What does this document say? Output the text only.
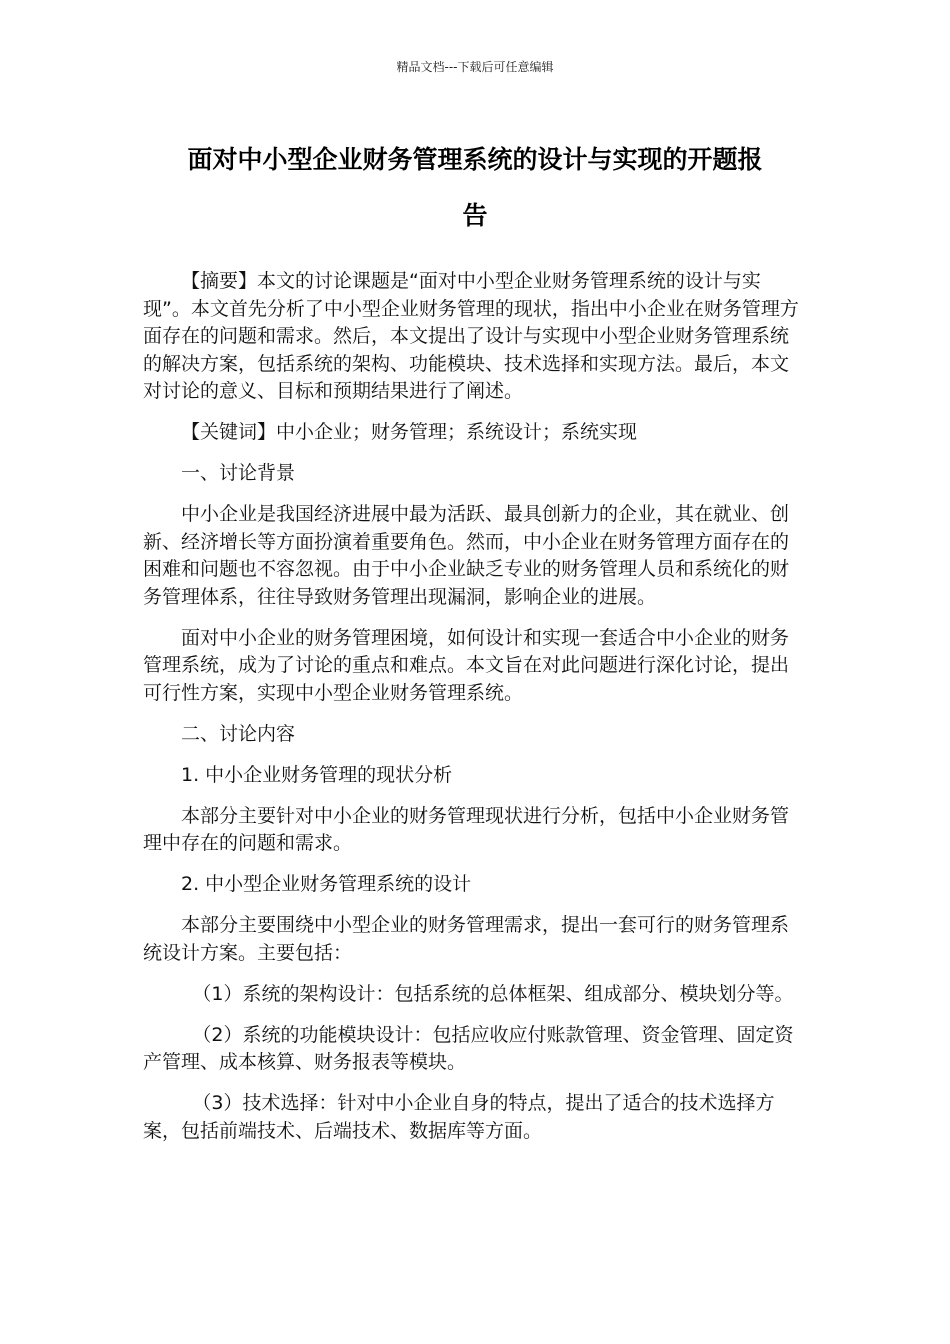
精品文档---下载后可任意编辑
面对中小型企业财务管理系统的设计与实现的开题报
告

【摘要】本文的讨论课题是“面对中小型企业财务管理系统的设计与实现”。本文首先分析了中小型企业财务管理的现状，指出中小企业在财务管理方面存在的问题和需求。然后，本文提出了设计与实现中小型企业财务管理系统的解决方案，包括系统的架构、功能模块、技术选择和实现方法。最后，本文对讨论的意义、目标和预期结果进行了阐述。

【关键词】中小企业；财务管理；系统设计；系统实现

一、讨论背景

中小企业是我国经济进展中最为活跃、最具创新力的企业，其在就业、创新、经济增长等方面扮演着重要角色。然而，中小企业在财务管理方面存在的困难和问题也不容忽视。由于中小企业缺乏专业的财务管理人员和系统化的财务管理体系，往往导致财务管理出现漏洞，影响企业的进展。

面对中小企业的财务管理困境，如何设计和实现一套适合中小企业的财务管理系统，成为了讨论的重点和难点。本文旨在对此问题进行深化讨论，提出可行性方案，实现中小型企业财务管理系统。

二、讨论内容

1. 中小企业财务管理的现状分析

本部分主要针对中小企业的财务管理现状进行分析，包括中小企业财务管理中存在的问题和需求。

2. 中小型企业财务管理系统的设计

本部分主要围绕中小型企业的财务管理需求，提出一套可行的财务管理系统设计方案。主要包括：

（1）系统的架构设计：包括系统的总体框架、组成部分、模块划分等。

（2）系统的功能模块设计：包括应收应付账款管理、资金管理、固定资产管理、成本核算、财务报表等模块。

（3）技术选择：针对中小企业自身的特点，提出了适合的技术选择方案，包括前端技术、后端技术、数据库等方面。
